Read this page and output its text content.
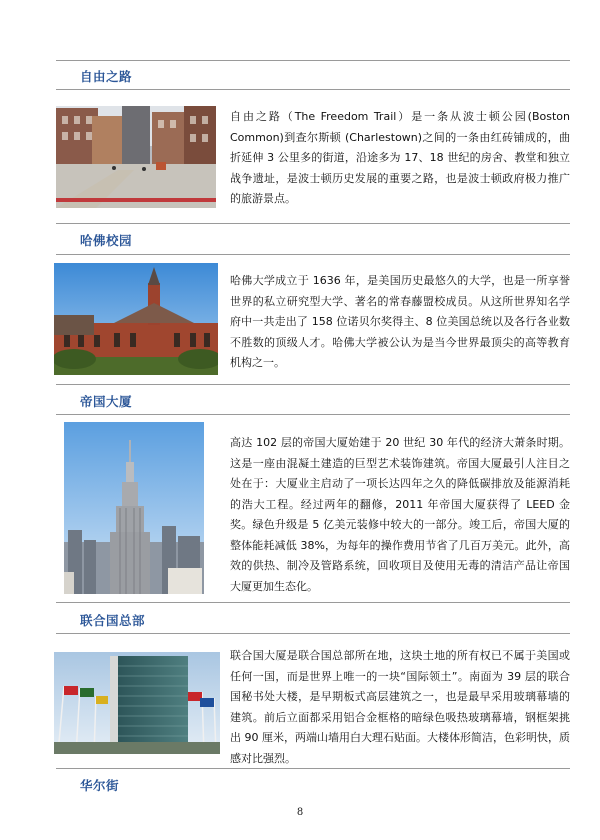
自由之路
自由之路（The Freedom Trail）是一条从波士顿公园(Boston Common)到查尔斯顿 (Charlestown)之间的一条由红砖铺成的，曲折延伸 3 公里多的街道，沿途多为 17、18 世纪的房舍、教堂和独立战争遗址，是波士顿历史发展的重要之路，也是波士顿政府极力推广的旅游景点。
哈佛校园
哈佛大学成立于 1636 年，是美国历史最悠久的大学，也是一所享誉世界的私立研究型大学、著名的常春藤盟校成员。从这所世界知名学府中一共走出了 158 位诺贝尔奖得主、8 位美国总统以及各行各业数不胜数的顶级人才。哈佛大学被公认为是当今世界最顶尖的高等教育机构之一。
帝国大厦
高达 102 层的帝国大厦始建于 20 世纪 30 年代的经济大萧条时期。这是一座由混凝土建造的巨型艺术装饰建筑。帝国大厦最引人注目之处在于：大厦业主启动了一项长达四年之久的降低碳排放及能源消耗的浩大工程。经过两年的翻修，2011 年帝国大厦获得了 LEED 金奖。绿色升级是 5 亿美元装修中较大的一部分。竣工后，帝国大厦的整体能耗减低 38%，为每年的操作费用节省了几百万美元。此外，高效的供热、制冷及管路系统，回收项目及使用无毒的清洁产品让帝国大厦更加生态化。
联合国总部
联合国大厦是联合国总部所在地，这块土地的所有权已不属于美国或任何一国，而是世界上唯一的一块“国际领土”。南面为 39 层的联合国秘书处大楼，是早期板式高层建筑之一，也是最早采用玻璃幕墙的建筑。前后立面都采用铝合金框格的暗绿色吸热玻璃幕墙，钢框架挑出 90 厘米，两端山墙用白大理石贴面。大楼体形简洁，色彩明快，质感对比强烈。
华尔街
8
